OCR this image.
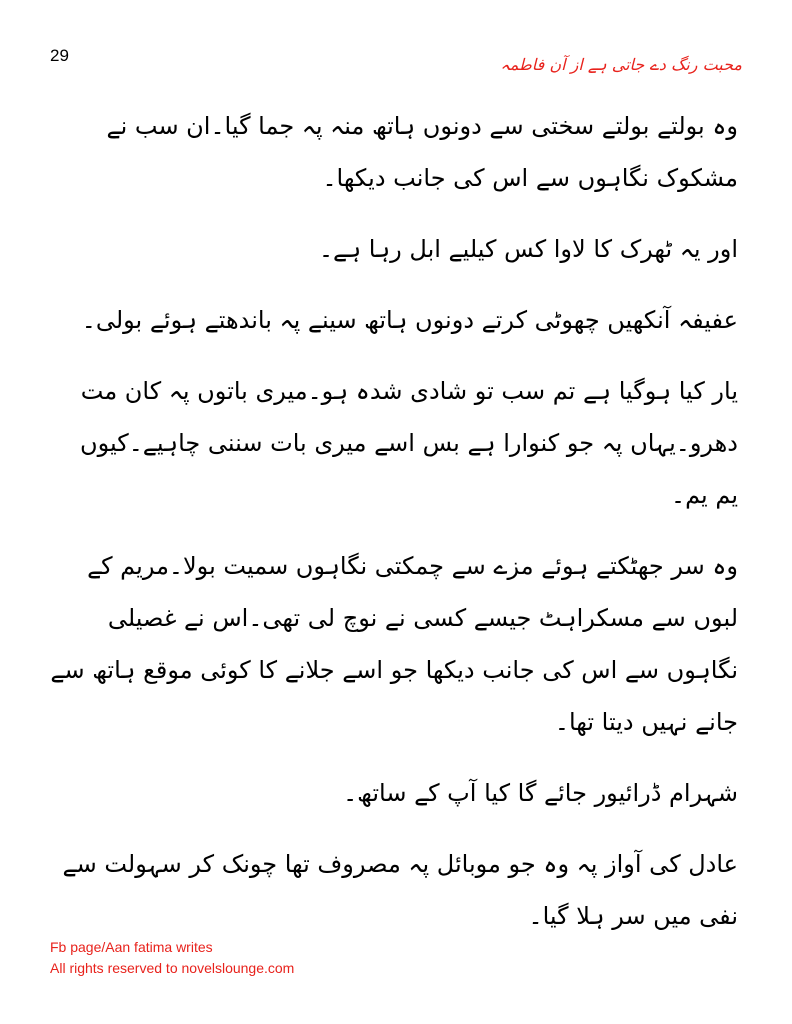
29	محبت رنگ دے جاتی ہے از آن فاطمہ

وہ بولتے بولتے سختی سے دونوں ہاتھ منہ پہ جما گیا۔ان سب نے مشکوک نگاہوں سے اس کی جانب دیکھا۔

اور یہ ٹھرک کا لاوا کس کیلیے ابل رہا ہے۔

عفیفہ آنکھیں چھوٹی کرتے دونوں ہاتھ سینے پہ باندھتے ہوئے بولی۔

یار کیا ہوگیا ہے تم سب تو شادی شدہ ہو۔میری باتوں پہ کان مت دھرو۔یہاں پہ جو کنوارا ہے بس اسے میری بات سننی چاہیے۔کیوں یم یم۔

وہ سر جھٹکتے ہوئے مزے سے چمکتی نگاہوں سمیت بولا۔مریم کے لبوں سے مسکراہٹ جیسے کسی نے نوچ لی تھی۔اس نے غصیلی نگاہوں سے اس کی جانب دیکھا جو اسے جلانے کا کوئی موقع ہاتھ سے جانے نہیں دیتا تھا۔

شہرام ڈرائیور جائے گا کیا آپ کے ساتھ۔

عادل کی آواز پہ وہ جو موبائل پہ مصروف تھا چونک کر سہولت سے نفی میں سر ہلا گیا۔

Fb page/Aan fatima writes
All rights reserved to novelslounge.com
